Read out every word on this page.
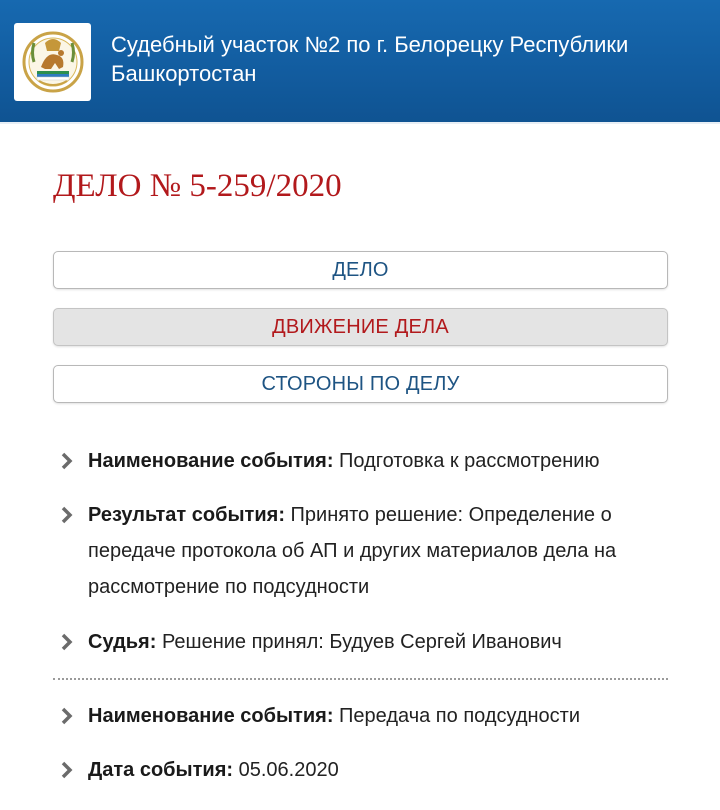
Судебный участок №2 по г. Белорецку Республики Башкортостан
ДЕЛО № 5-259/2020
ДЕЛО
ДВИЖЕНИЕ ДЕЛА
СТОРОНЫ ПО ДЕЛУ
Наименование события: Подготовка к рассмотрению
Результат события: Принято решение: Определение о передаче протокола об АП и других материалов дела на рассмотрение по подсудности
Судья: Решение принял: Будуев Сергей Иванович
Наименование события: Передача по подсудности
Дата события: 05.06.2020
